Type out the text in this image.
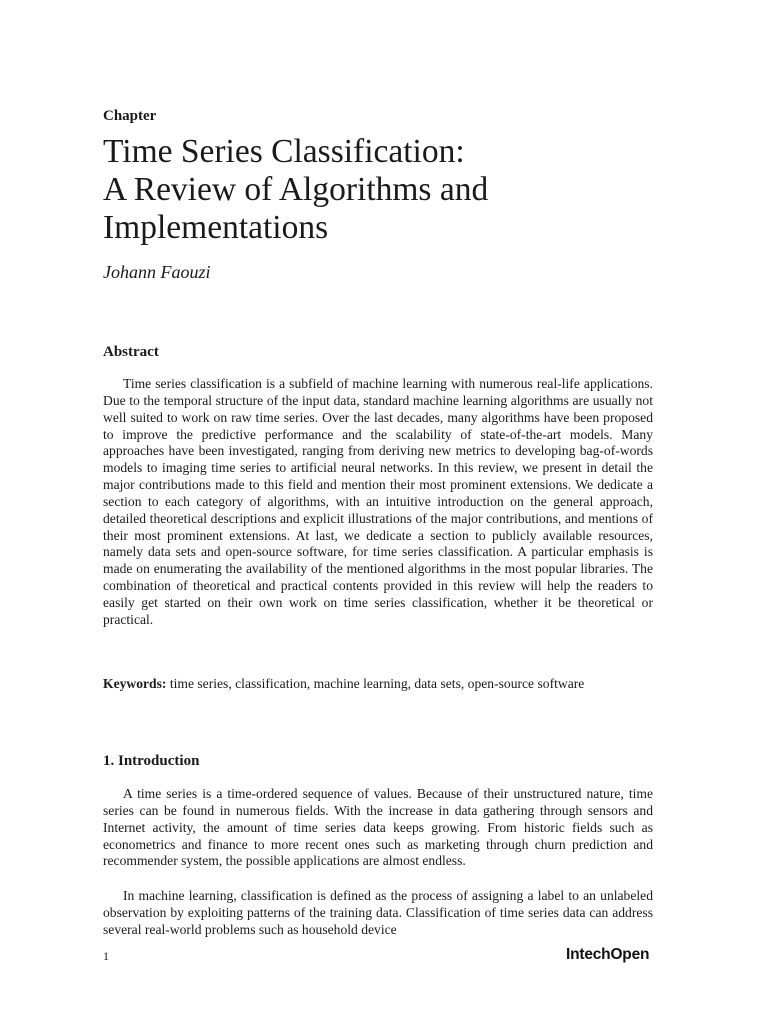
Chapter
Time Series Classification:
A Review of Algorithms and
Implementations
Johann Faouzi
Abstract

Time series classification is a subfield of machine learning with numerous real-life applications. Due to the temporal structure of the input data, standard machine learning algorithms are usually not well suited to work on raw time series. Over the last decades, many algorithms have been proposed to improve the predictive performance and the scalability of state-of-the-art models. Many approaches have been investigated, ranging from deriving new metrics to developing bag-of-words models to imaging time series to artificial neural networks. In this review, we present in detail the major contributions made to this field and mention their most prominent extensions. We dedicate a section to each category of algorithms, with an intuitive introduction on the general approach, detailed theoretical descriptions and explicit illustrations of the major contributions, and mentions of their most prominent extensions. At last, we dedicate a section to publicly available resources, namely data sets and open-source software, for time series classification. A particular emphasis is made on enumerating the availability of the mentioned algorithms in the most popular libraries. The combination of theoretical and practical contents provided in this review will help the readers to easily get started on their own work on time series classification, whether it be theoretical or practical.

Keywords: time series, classification, machine learning, data sets, open-source software

1. Introduction

A time series is a time-ordered sequence of values. Because of their unstructured nature, time series can be found in numerous fields. With the increase in data gathering through sensors and Internet activity, the amount of time series data keeps growing. From historic fields such as econometrics and finance to more recent ones such as marketing through churn prediction and recommender system, the possible applications are almost endless.

In machine learning, classification is defined as the process of assigning a label to an unlabeled observation by exploiting patterns of the training data. Classification of time series data can address several real-world problems such as household device

1	IntechOpen
